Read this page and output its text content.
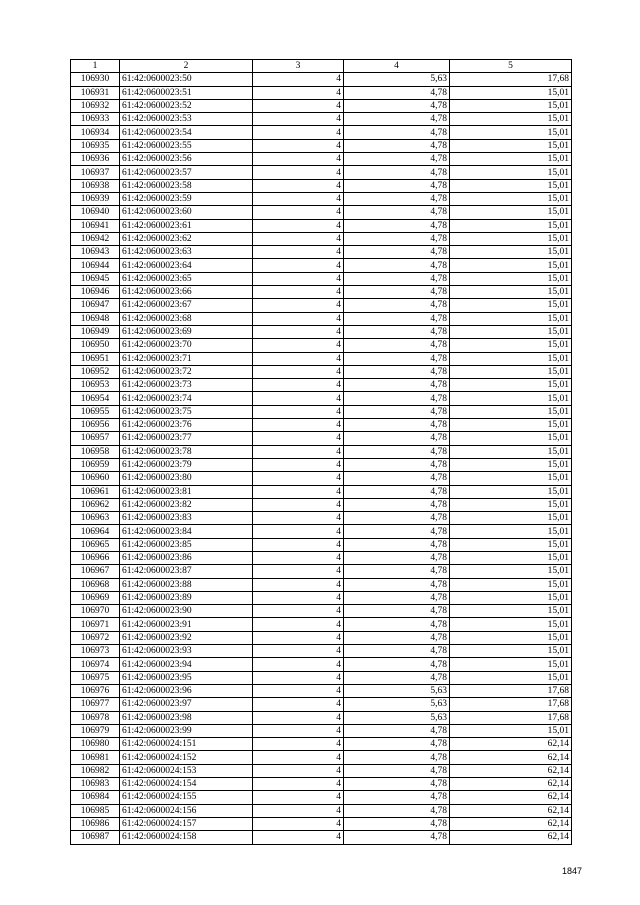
1	2	3	4	5
106930	61:42:0600023:50	4	5,63	17,68
106931	61:42:0600023:51	4	4,78	15,01
106932	61:42:0600023:52	4	4,78	15,01
106933	61:42:0600023:53	4	4,78	15,01
106934	61:42:0600023:54	4	4,78	15,01
106935	61:42:0600023:55	4	4,78	15,01
106936	61:42:0600023:56	4	4,78	15,01
106937	61:42:0600023:57	4	4,78	15,01
106938	61:42:0600023:58	4	4,78	15,01
106939	61:42:0600023:59	4	4,78	15,01
106940	61:42:0600023:60	4	4,78	15,01
106941	61:42:0600023:61	4	4,78	15,01
106942	61:42:0600023:62	4	4,78	15,01
106943	61:42:0600023:63	4	4,78	15,01
106944	61:42:0600023:64	4	4,78	15,01
106945	61:42:0600023:65	4	4,78	15,01
106946	61:42:0600023:66	4	4,78	15,01
106947	61:42:0600023:67	4	4,78	15,01
106948	61:42:0600023:68	4	4,78	15,01
106949	61:42:0600023:69	4	4,78	15,01
106950	61:42:0600023:70	4	4,78	15,01
106951	61:42:0600023:71	4	4,78	15,01
106952	61:42:0600023:72	4	4,78	15,01
106953	61:42:0600023:73	4	4,78	15,01
106954	61:42:0600023:74	4	4,78	15,01
106955	61:42:0600023:75	4	4,78	15,01
106956	61:42:0600023:76	4	4,78	15,01
106957	61:42:0600023:77	4	4,78	15,01
106958	61:42:0600023:78	4	4,78	15,01
106959	61:42:0600023:79	4	4,78	15,01
106960	61:42:0600023:80	4	4,78	15,01
106961	61:42:0600023:81	4	4,78	15,01
106962	61:42:0600023:82	4	4,78	15,01
106963	61:42:0600023:83	4	4,78	15,01
106964	61:42:0600023:84	4	4,78	15,01
106965	61:42:0600023:85	4	4,78	15,01
106966	61:42:0600023:86	4	4,78	15,01
106967	61:42:0600023:87	4	4,78	15,01
106968	61:42:0600023:88	4	4,78	15,01
106969	61:42:0600023:89	4	4,78	15,01
106970	61:42:0600023:90	4	4,78	15,01
106971	61:42:0600023:91	4	4,78	15,01
106972	61:42:0600023:92	4	4,78	15,01
106973	61:42:0600023:93	4	4,78	15,01
106974	61:42:0600023:94	4	4,78	15,01
106975	61:42:0600023:95	4	4,78	15,01
106976	61:42:0600023:96	4	5,63	17,68
106977	61:42:0600023:97	4	5,63	17,68
106978	61:42:0600023:98	4	5,63	17,68
106979	61:42:0600023:99	4	4,78	15,01
106980	61:42:0600024:151	4	4,78	62,14
106981	61:42:0600024:152	4	4,78	62,14
106982	61:42:0600024:153	4	4,78	62,14
106983	61:42:0600024:154	4	4,78	62,14
106984	61:42:0600024:155	4	4,78	62,14
106985	61:42:0600024:156	4	4,78	62,14
106986	61:42:0600024:157	4	4,78	62,14
106987	61:42:0600024:158	4	4,78	62,14
1847
